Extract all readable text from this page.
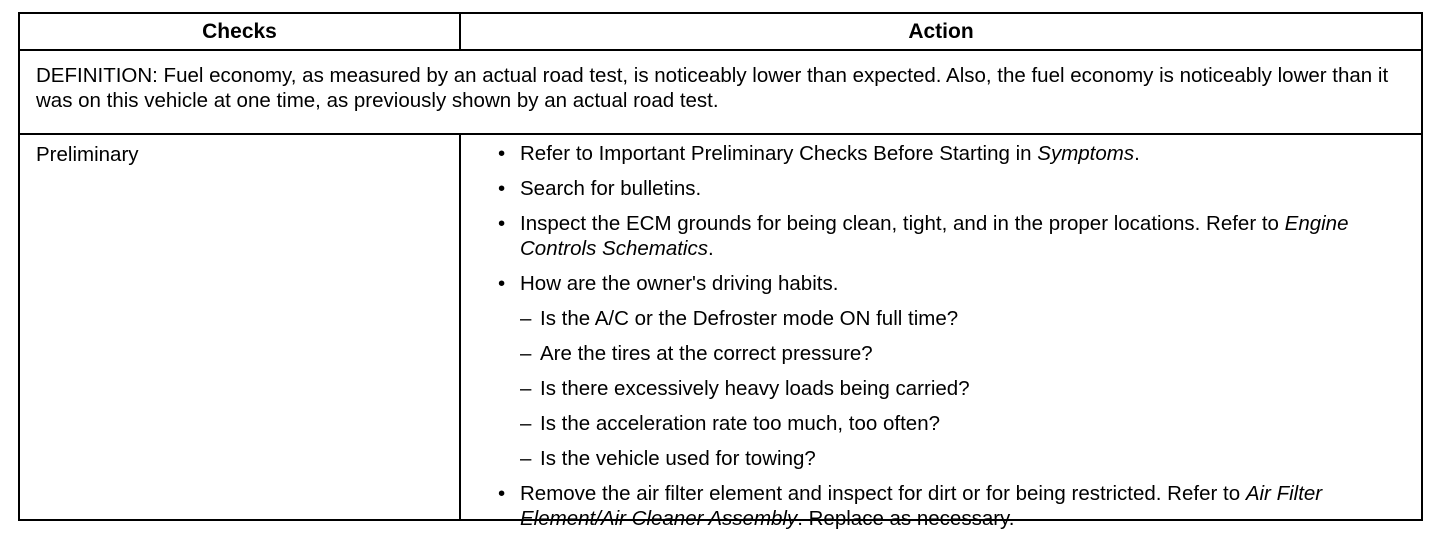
Checks	Action
DEFINITION: Fuel economy, as measured by an actual road test, is noticeably lower than expected. Also, the fuel economy is noticeably lower than it was on this vehicle at one time, as previously shown by an actual road test.
Preliminary
•	Refer to Important Preliminary Checks Before Starting in Symptoms.
• Search for bulletins.
• Inspect the ECM grounds for being clean, tight, and in the proper locations. Refer to Engine Controls Schematics.
• How are the owner's driving habits.
– Is the A/C or the Defroster mode ON full time?
– Are the tires at the correct pressure?
– Is there excessively heavy loads being carried?
– Is the acceleration rate too much, too often?
– Is the vehicle used for towing?
• Remove the air filter element and inspect for dirt or for being restricted. Refer to Air Filter Element/Air Cleaner Assembly. Replace as necessary.
